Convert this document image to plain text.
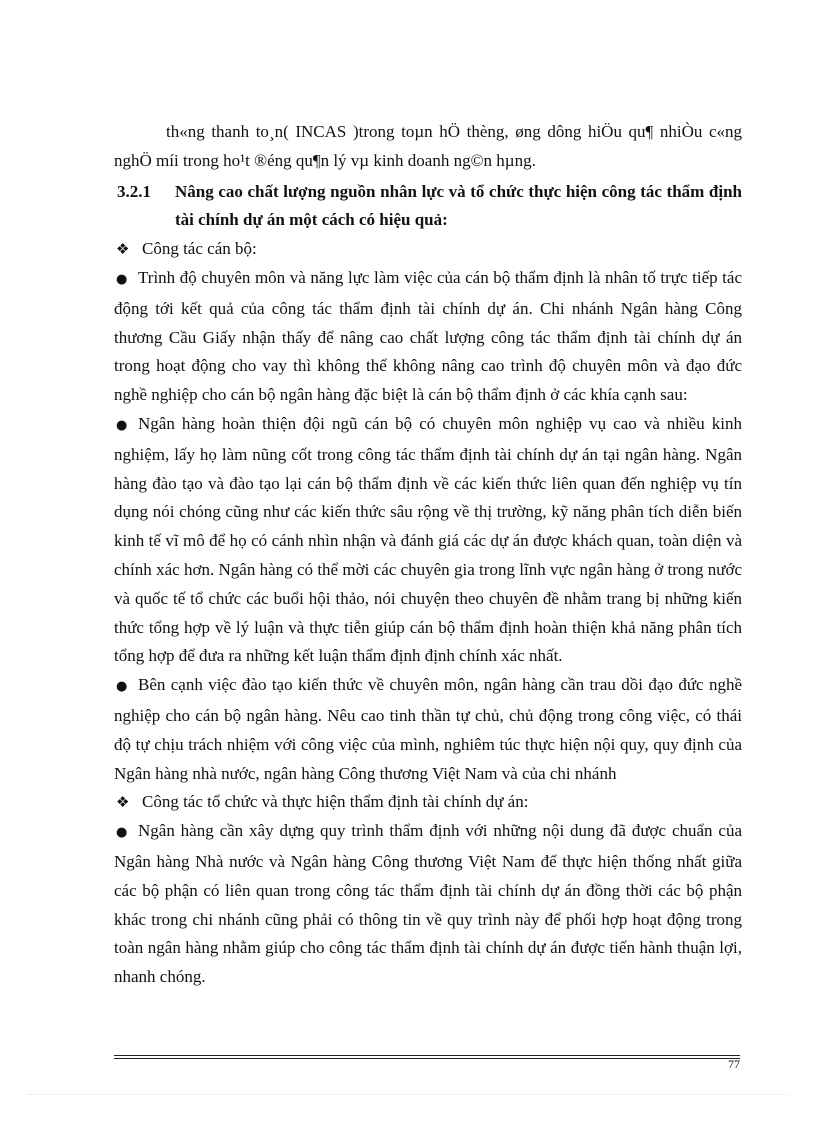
th«ng thanh to¸n( INCAS )trong toµn hÖ thèng, øng dông hiÖu qu¶ nhiÒu c«ng nghÖ míi trong ho¹t ®éng qu¶n lý vµ kinh doanh ng©n hµng.

3.2.1	Nâng cao chất lượng nguồn nhân lực và tổ chức thực hiện công tác thẩm định tài chính dự án một cách có hiệu quả:
❖ Công tác cán bộ:

● Trình độ chuyên môn và năng lực làm việc của cán bộ thẩm định là nhân tố trực tiếp tác động tới kết quả của công tác thẩm định tài chính dự án. Chi nhánh Ngân hàng Công thương Cầu Giấy nhận thấy để nâng cao chất lượng công tác thẩm định tài chính dự án trong hoạt động cho vay thì không thể không nâng cao trình độ chuyên môn và đạo đức nghề nghiệp cho cán bộ ngân hàng đặc biệt là cán bộ thẩm định ở các khía cạnh sau:

● Ngân hàng hoàn thiện đội ngũ cán bộ có chuyên môn nghiệp vụ cao và nhiều kinh nghiệm, lấy họ làm nũng cốt trong công tác thẩm định tài chính dự án tại ngân hàng. Ngân hàng đào tạo và đào tạo lại cán bộ thẩm định về các kiến thức liên quan đến nghiệp vụ tín dụng nói chóng cũng như các kiến thức sâu rộng về thị trường, kỹ năng phân tích diễn biến kinh tế vĩ mô để họ có cánh nhìn nhận và đánh giá các dự án được khách quan, toàn diện và chính xác hơn. Ngân hàng có thể mời các chuyên gia trong lĩnh vực ngân hàng ở trong nước và quốc tế tổ chức các buổi hội thảo, nói chuyện theo chuyên đề nhằm trang bị những kiến thức tổng hợp về lý luận và thực tiễn giúp cán bộ thẩm định hoàn thiện khả năng phân tích tổng hợp để đưa ra những kết luận thẩm định định chính xác nhất.

● Bên cạnh việc đào tạo kiến thức về chuyên môn, ngân hàng cần trau dồi đạo đức nghề nghiệp cho cán bộ ngân hàng. Nêu cao tinh thần tự chủ, chủ động trong công việc, có thái độ tự chịu trách nhiệm với công việc của mình, nghiêm túc thực hiện nội quy, quy định của Ngân hàng nhà nước, ngân hàng Công thương Việt Nam và của chi nhánh

❖ Công tác tổ chức và thực hiện thẩm định tài chính dự án:

● Ngân hàng cần xây dựng quy trình thẩm định với những nội dung đã được chuẩn của Ngân hàng Nhà nước và Ngân hàng Công thương Việt Nam để thực hiện thống nhất giữa các bộ phận có liên quan trong công tác thẩm định tài chính dự án đồng thời các bộ phận khác trong chi nhánh cũng phải có thông tin về quy trình này để phối hợp hoạt động trong toàn ngân hàng nhằm giúp cho công tác thẩm định tài chính dự án được tiến hành thuận lợi, nhanh chóng.

77
